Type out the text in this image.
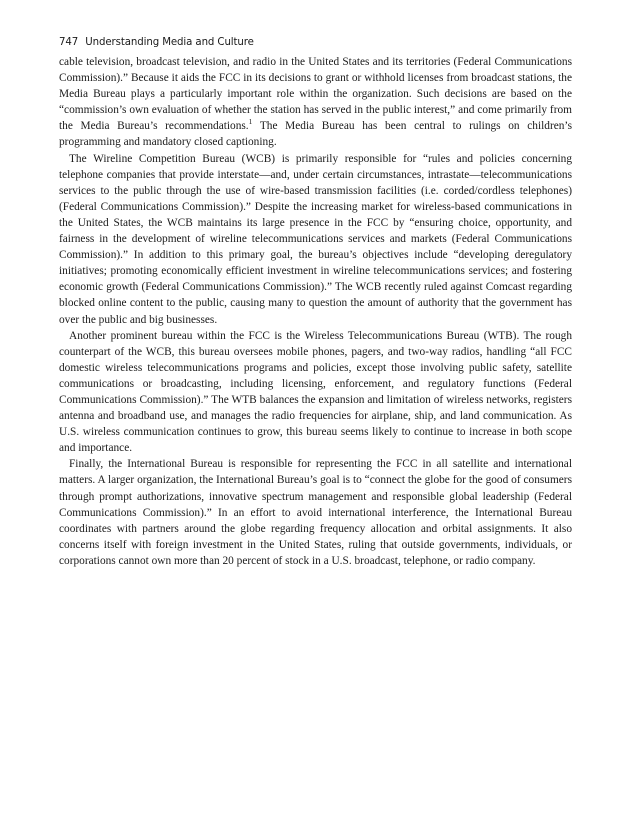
747 Understanding Media and Culture

cable television, broadcast television, and radio in the United States and its territories (Federal Communications Commission).” Because it aids the FCC in its decisions to grant or withhold licenses from broadcast stations, the Media Bureau plays a particularly important role within the organization. Such decisions are based on the “commission’s own evaluation of whether the station has served in the public interest,” and come primarily from the Media Bureau’s recommendations.$^1$ The Media Bureau has been central to rulings on children’s programming and mandatory closed captioning.

The Wireline Competition Bureau (WCB) is primarily responsible for “rules and policies concerning telephone companies that provide interstate—and, under certain circumstances, intrastate—telecommunications services to the public through the use of wire-based transmission facilities (i.e. corded/cordless telephones) (Federal Communications Commission).” Despite the increasing market for wireless-based communications in the United States, the WCB maintains its large presence in the FCC by “ensuring choice, opportunity, and fairness in the development of wireline telecommunications services and markets (Federal Communications Commission).” In addition to this primary goal, the bureau’s objectives include “developing deregulatory initiatives; promoting economically efficient investment in wireline telecommunications services; and fostering economic growth (Federal Communications Commission).” The WCB recently ruled against Comcast regarding blocked online content to the public, causing many to question the amount of authority that the government has over the public and big businesses.

Another prominent bureau within the FCC is the Wireless Telecommunications Bureau (WTB). The rough counterpart of the WCB, this bureau oversees mobile phones, pagers, and two-way radios, handling “all FCC domestic wireless telecommunications programs and policies, except those involving public safety, satellite communications or broadcasting, including licensing, enforcement, and regulatory functions (Federal Communications Commission).” The WTB balances the expansion and limitation of wireless networks, registers antenna and broadband use, and manages the radio frequencies for airplane, ship, and land communication. As U.S. wireless communication continues to grow, this bureau seems likely to continue to increase in both scope and importance.

Finally, the International Bureau is responsible for representing the FCC in all satellite and international matters. A larger organization, the International Bureau’s goal is to “connect the globe for the good of consumers through prompt authorizations, innovative spectrum management and responsible global leadership (Federal Communications Commission).” In an effort to avoid international interference, the International Bureau coordinates with partners around the globe regarding frequency allocation and orbital assignments. It also concerns itself with foreign investment in the United States, ruling that outside governments, individuals, or corporations cannot own more than 20 percent of stock in a U.S. broadcast, telephone, or radio company.
